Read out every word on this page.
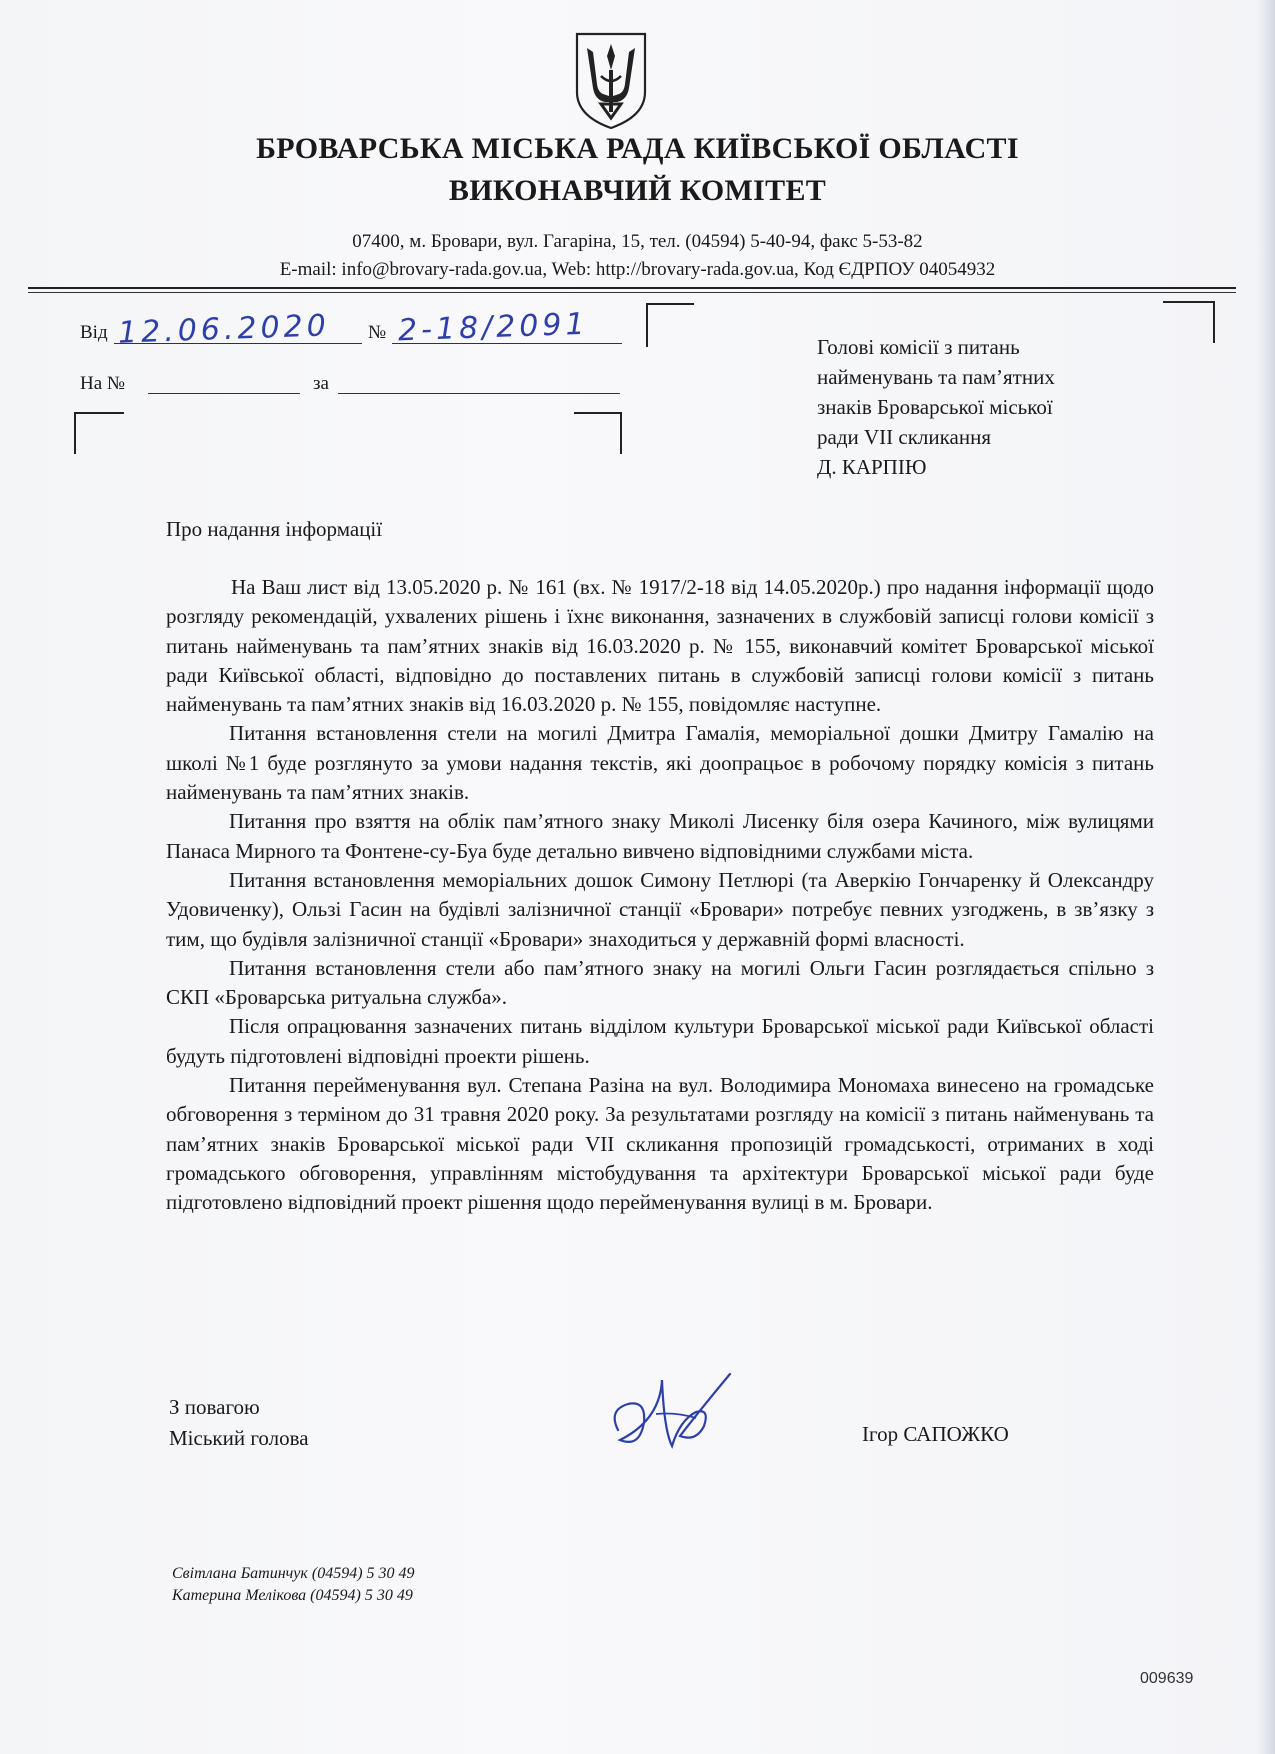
БРОВАРСЬКА МІСЬКА РАДА КИЇВСЬКОЇ ОБЛАСТІ
ВИКОНАВЧИЙ КОМІТЕТ
07400, м. Бровари, вул. Гагаріна, 15, тел. (04594) 5-40-94, факс 5-53-82
E-mail: info@brovary-rada.gov.ua, Web: http://brovary-rada.gov.ua, Код ЄДРПОУ 04054932
Від 12.06.2020 № 2-18/2091
На №	за
Голові комісії з питань
найменувань та пам’ятних
знаків Броварської міської
ради VII скликання
Д. КАРПІЮ
Про надання інформації

На Ваш лист від 13.05.2020 р. № 161 (вх. № 1917/2-18 від 14.05.2020р.) про надання інформації щодо розгляду рекомендацій, ухвалених рішень і їхнє виконання, зазначених в службовій записці голови комісії з питань найменувань та пам’ятних знаків від 16.03.2020 р. № 155, виконавчий комітет Броварської міської ради Київської області, відповідно до поставлених питань в службовій записці голови комісії з питань найменувань та пам’ятних знаків від 16.03.2020 р. № 155, повідомляє наступне.

Питання встановлення стели на могилі Дмитра Гамалія, меморіальної дошки Дмитру Гамалію на школі №1 буде розглянуто за умови надання текстів, які доопрацьоє в робочому порядку комісія з питань найменувань та пам’ятних знаків.

Питання про взяття на облік пам’ятного знаку Миколі Лисенку біля озера Качиного, між вулицями Панаса Мирного та Фонтене-су-Буа буде детально вивчено відповідними службами міста.

Питання встановлення меморіальних дошок Симону Петлюрі (та Аверкію Гончаренку й Олександру Удовиченку), Ользі Гасин на будівлі залізничної станції «Бровари» потребує певних узгоджень, в зв’язку з тим, що будівля залізничної станції «Бровари» знаходиться у державній формі власності.

Питання встановлення стели або пам’ятного знаку на могилі Ольги Гасин розглядається спільно з СКП «Броварська ритуальна служба».

Після опрацювання зазначених питань відділом культури Броварської міської ради Київської області будуть підготовлені відповідні проекти рішень.

Питання перейменування вул. Степана Разіна на вул. Володимира Мономаха винесено на громадське обговорення з терміном до 31 травня 2020 року. За результатами розгляду на комісії з питань найменувань та пам’ятних знаків Броварської міської ради VII скликання пропозицій громадськості, отриманих в ході громадського обговорення, управлінням містобудування та архітектури Броварської міської ради буде підготовлено відповідний проект рішення щодо перейменування вулиці в м. Бровари.

З повагою
Міський голова	Ігор САПОЖКО
Світлана Батинчук (04594) 5 30 49
Катерина Мелікова (04594) 5 30 49
009639
